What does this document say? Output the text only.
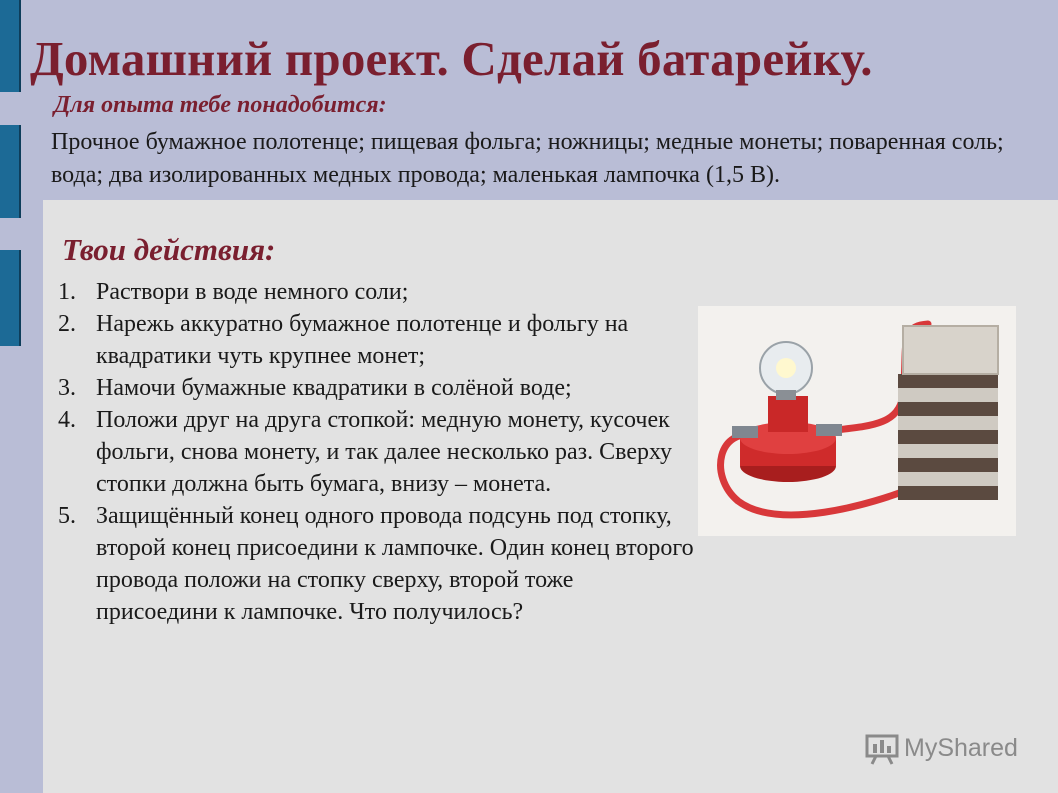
Домашний проект. Сделай батарейку.
Для опыта тебе понадобится:
Прочное бумажное полотенце; пищевая фольга; ножницы; медные монеты; поваренная соль; вода; два изолированных медных провода; маленькая лампочка (1,5 В).
Твои действия:
1. Раствори в воде немного соли;
2. Нарежь аккуратно бумажное полотенце и фольгу на квадратики чуть крупнее монет;
3. Намочи бумажные квадратики в солёной воде;
4. Положи друг на друга стопкой: медную монету, кусочек фольги, снова монету, и так далее несколько раз. Сверху стопки должна быть бумага, внизу – монета.
5. Защищённый конец одного провода подсунь под стопку, второй конец присоедини к лампочке. Один конец второго провода положи на стопку сверху, второй тоже присоедини к лампочке. Что получилось?
MyShared
